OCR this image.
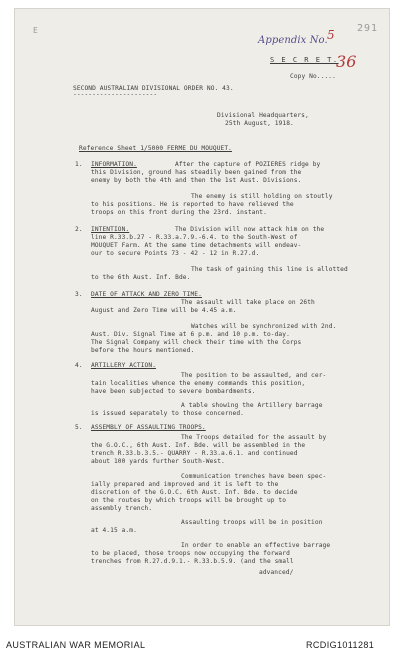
E	291
Appendix No. 5
36
S E C R E T.
Copy No.....
SECOND AUSTRALIAN DIVISIONAL ORDER NO. 43.
----------------------
Divisional Headquarters,
25th August, 1918.
Reference Sheet 1/5000 FERME DU MOUQUET.
1. INFORMATION.	After the capture of POZIERES ridge by
this Division, ground has steadily been gained from the
enemy by both the 4th and then the 1st Aust. Divisions.
The enemy is still holding on stoutly
to his positions. He is reported to have relieved the
troops on this front during the 23rd. instant.
2. INTENTION.	The Division will now attack him on the
line R.33.b.27 - R.33.a.7.9.-6.4. to the South-West of
MOUQUET Farm. At the same time detachments will endeav-
our to secure Points 73 - 42 - 12 in R.27.d.
The task of gaining this line is allotted
to the 6th Aust. Inf. Bde.
3. DATE OF ATTACK AND ZERO TIME.
The assault will take place on 26th
August and Zero Time will be 4.45 a.m.
Watches will be synchronized with 2nd.
Aust. Div. Signal Time at 6 p.m. and 10 p.m. to-day.
The Signal Company will check their time with the Corps
before the hours mentioned.
4. ARTILLERY ACTION.
The position to be assaulted, and cer-
tain localities whence the enemy commands this position,
have been subjected to severe bombardments.
A table showing the Artillery barrage
is issued separately to those concerned.
5. ASSEMBLY OF ASSAULTING TROOPS.
The Troops detailed for the assault by
the G.O.C., 6th Aust. Inf. Bde. will be assembled in the
trench R.33.b.3.5.- QUARRY - R.33.a.6.1. and continued
about 100 yards further South-West.
Communication trenches have been spec-
ially prepared and improved and it is left to the
discretion of the G.O.C. 6th Aust. Inf. Bde. to decide
on the routes by which troops will be brought up to
assembly trench.
Assaulting troops will be in position
at 4.15 a.m.
In order to enable an effective barrage
to be placed, those troops now occupying the forward
trenches from R.27.d.9.1.- R.33.b.5.9. (and the small
advanced/
AUSTRALIAN WAR MEMORIAL	RCDIG1011281
